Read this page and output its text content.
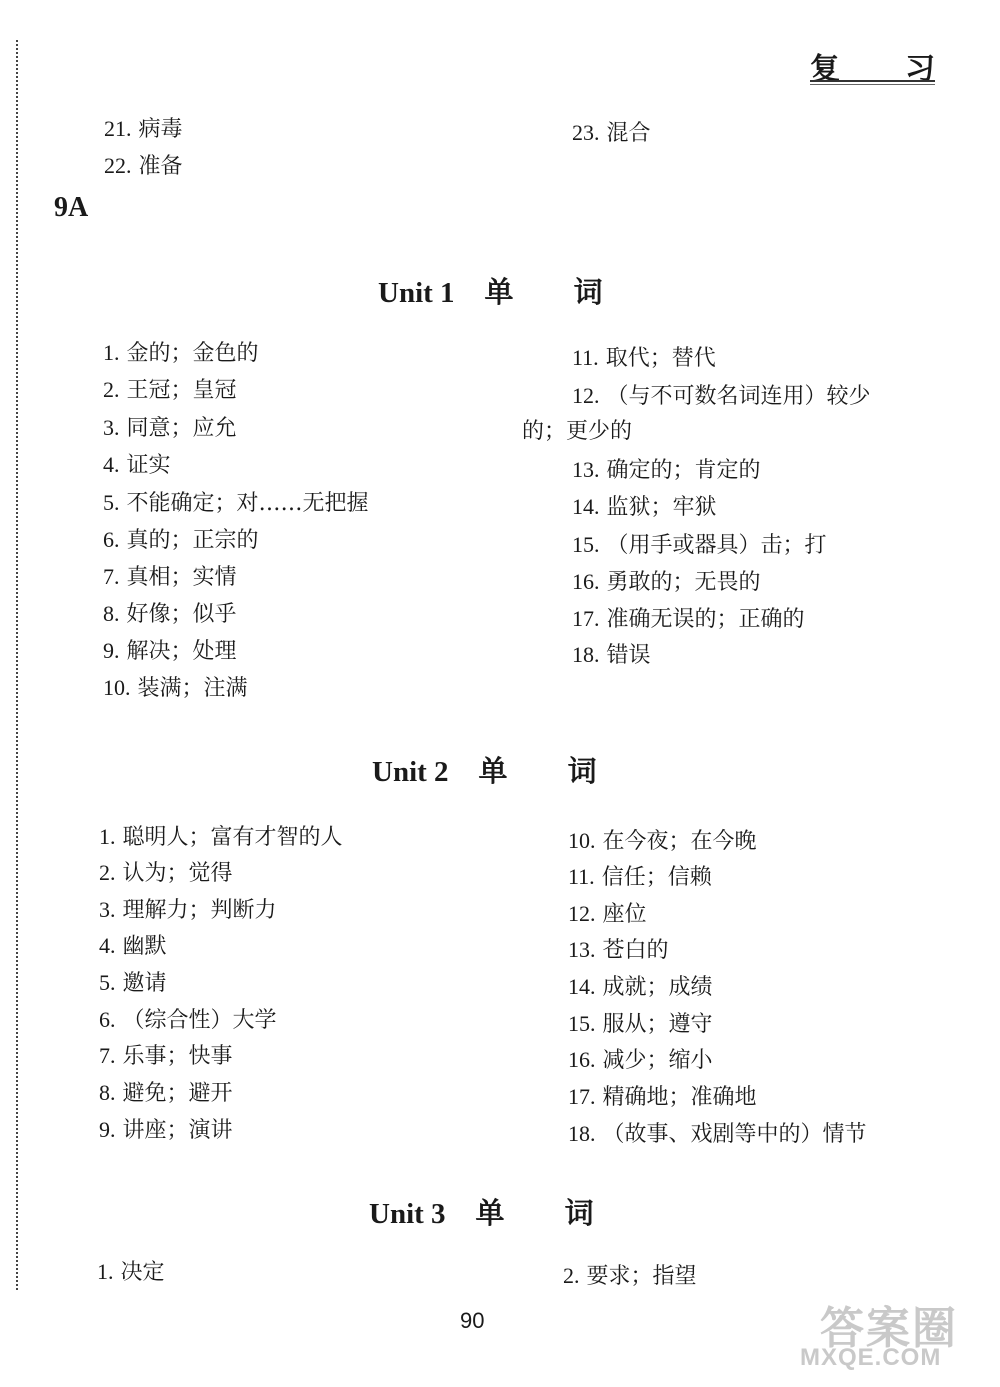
复 习
21. 病毒
22. 准备
23. 混合
9A
Unit 1 单 词
1. 金的；金色的
2. 王冠；皇冠
3. 同意；应允
4. 证实
5. 不能确定；对……无把握
6. 真的；正宗的
7. 真相；实情
8. 好像；似乎
9. 解决；处理
10. 装满；注满
11. 取代；替代
12. （与不可数名词连用）较少
的；更少的
13. 确定的；肯定的
14. 监狱；牢狱
15. （用手或器具）击；打
16. 勇敢的；无畏的
17. 准确无误的；正确的
18. 错误
Unit 2 单 词
1. 聪明人；富有才智的人
2. 认为；觉得
3. 理解力；判断力
4. 幽默
5. 邀请
6. （综合性）大学
7. 乐事；快事
8. 避免；避开
9. 讲座；演讲
10. 在今夜；在今晚
11. 信任；信赖
12. 座位
13. 苍白的
14. 成就；成绩
15. 服从；遵守
16. 减少；缩小
17. 精确地；准确地
18. （故事、戏剧等中的）情节
Unit 3 单 词
1. 决定	2. 要求；指望
90	答案圈
MXQE.COM
